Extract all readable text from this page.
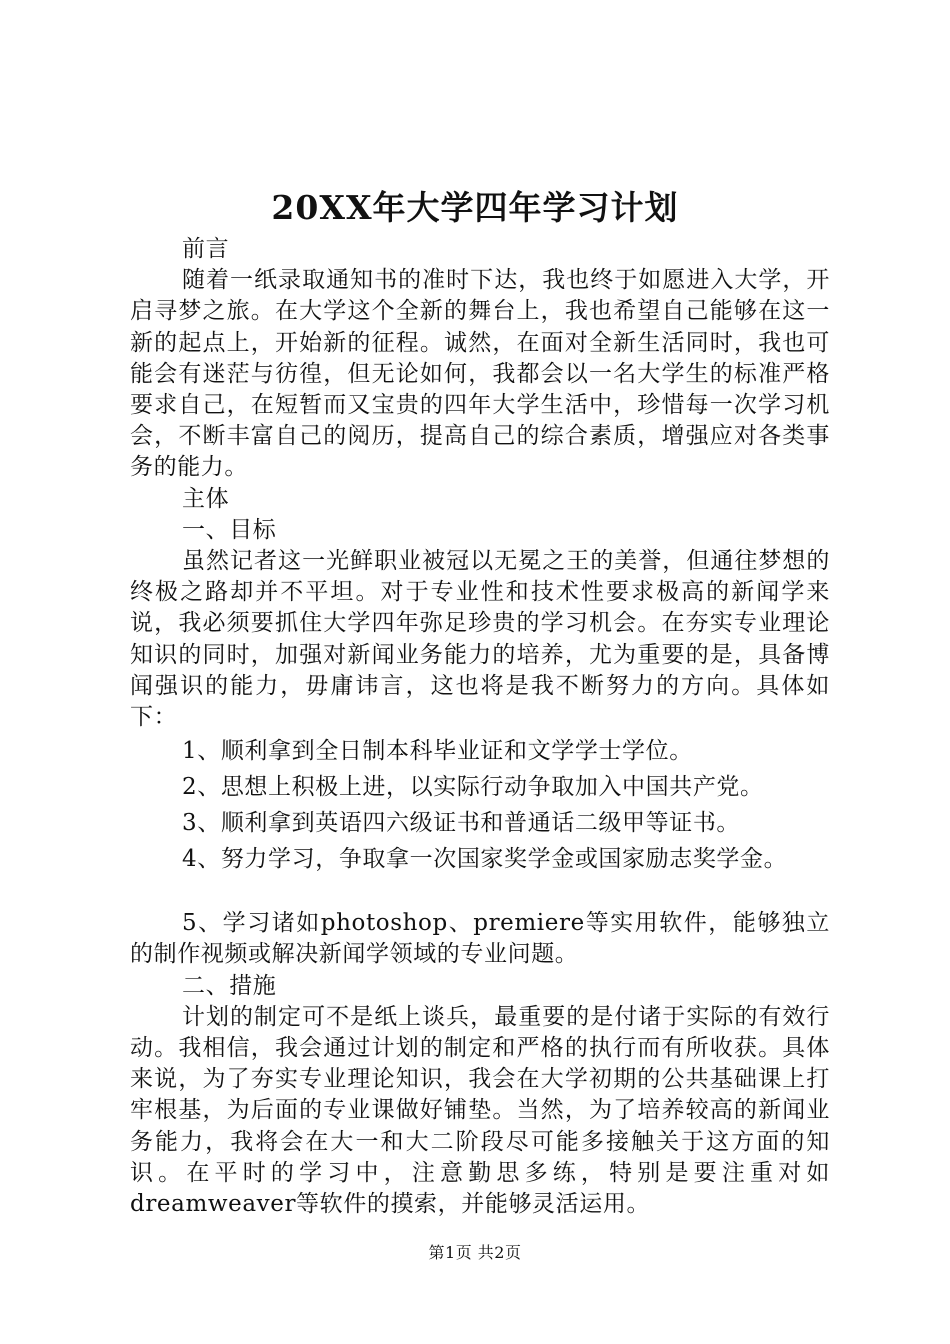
20XX年大学四年学习计划

前言

随着一纸录取通知书的准时下达，我也终于如愿进入大学，开启寻梦之旅。在大学这个全新的舞台上，我也希望自己能够在这一新的起点上，开始新的征程。诚然，在面对全新生活同时，我也可能会有迷茫与彷徨，但无论如何，我都会以一名大学生的标准严格要求自己，在短暂而又宝贵的四年大学生活中，珍惜每一次学习机会，不断丰富自己的阅历，提高自己的综合素质，增强应对各类事务的能力。

主体

一、目标

虽然记者这一光鲜职业被冠以无冕之王的美誉，但通往梦想的终极之路却并不平坦。对于专业性和技术性要求极高的新闻学来说，我必须要抓住大学四年弥足珍贵的学习机会。在夯实专业理论知识的同时，加强对新闻业务能力的培养，尤为重要的是，具备博闻强识的能力，毋庸讳言，这也将是我不断努力的方向。具体如下：

1、顺利拿到全日制本科毕业证和文学学士学位。

2、思想上积极上进，以实际行动争取加入中国共产党。

3、顺利拿到英语四六级证书和普通话二级甲等证书。

4、努力学习，争取拿一次国家奖学金或国家励志奖学金。

5、学习诸如photoshop、premiere等实用软件，能够独立的制作视频或解决新闻学领域的专业问题。

二、措施

计划的制定可不是纸上谈兵，最重要的是付诸于实际的有效行动。我相信，我会通过计划的制定和严格的执行而有所收获。具体来说，为了夯实专业理论知识，我会在大学初期的公共基础课上打牢根基，为后面的专业课做好铺垫。当然，为了培养较高的新闻业务能力，我将会在大一和大二阶段尽可能多接触关于这方面的知识。在平时的学习中，注意勤思多练，特别是要注重对如dreamweaver等软件的摸索，并能够灵活运用。

第1页 共2页
